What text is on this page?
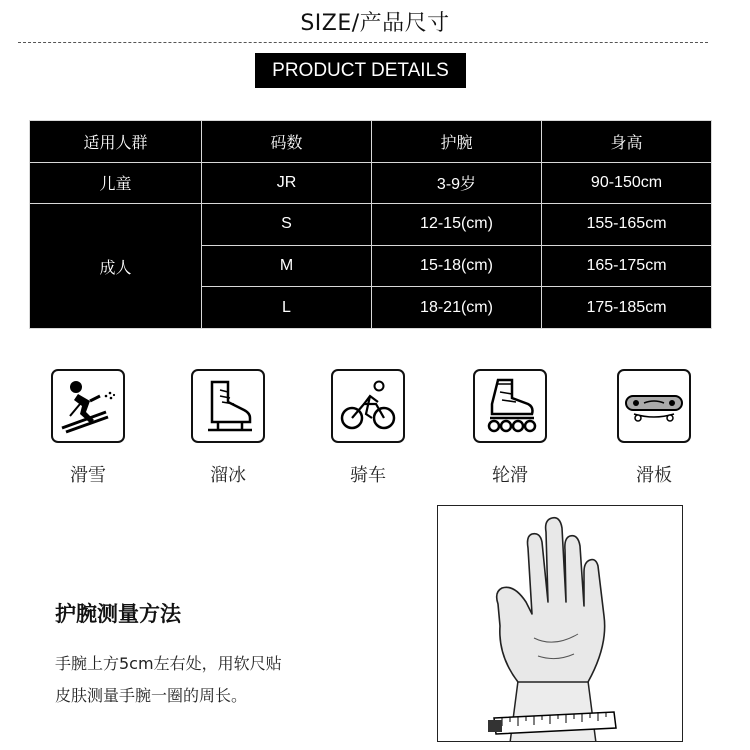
SIZE/产品尺寸
PRODUCT DETAILS
适用人群	码数	护腕	身高
儿童	JR	3-9岁	90-150cm
成人	S	12-15(cm)	155-165cm
	M	15-18(cm)	165-175cm
	L	18-21(cm)	175-185cm
滑雪	溜冰	骑车	轮滑	滑板
护腕测量方法
手腕上方5cm左右处，用软尺贴
皮肤测量手腕一圈的周长。
